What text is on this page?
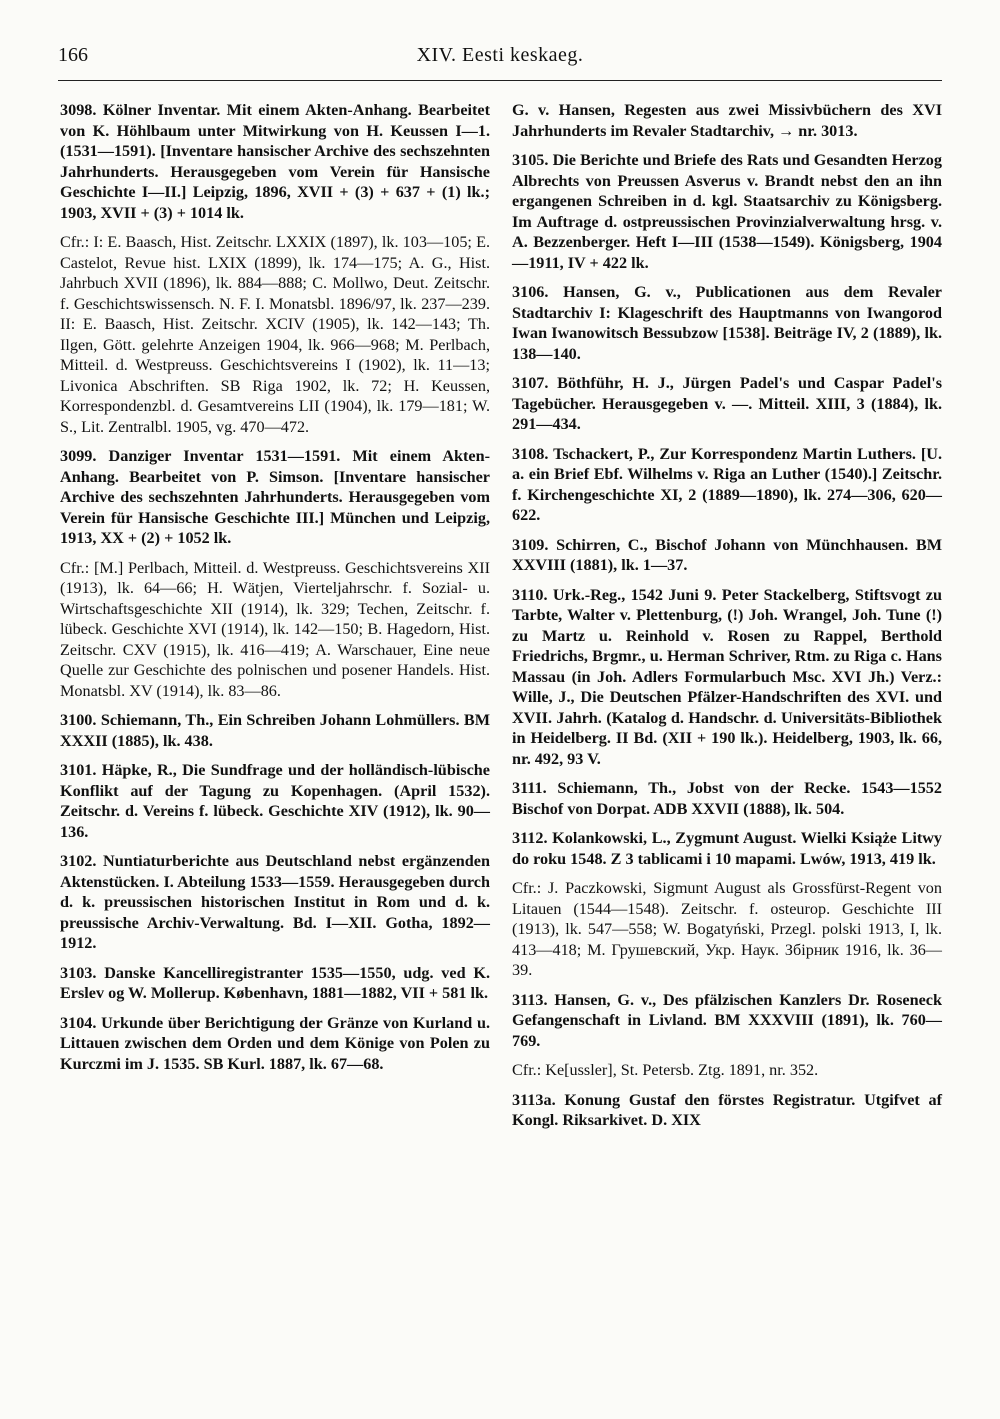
166	XIV. Eesti keskaeg.
3098. Kölner Inventar. Mit einem Akten-Anhang. Bearbeitet von K. Höhlbaum unter Mitwirkung von H. Keussen I—1. (1531—1591). [Inventare hansischer Archive des sechszehnten Jahrhunderts. Herausgegeben vom Verein für Hansische Geschichte I—II.] Leipzig, 1896, XVII + (3) + 637 + (1) lk.; 1903, XVII + (3) + 1014 lk.
Cfr.: I: E. Baasch, Hist. Zeitschr. LXXIX (1897), lk. 103—105; E. Castelot, Revue hist. LXIX (1899), lk. 174—175; A. G., Hist. Jahrbuch XVII (1896), lk. 884—888; C. Mollwo, Deut. Zeitschr. f. Geschichtswissensch. N. F. I. Monatsbl. 1896/97, lk. 237—239. II: E. Baasch, Hist. Zeitschr. XCIV (1905), lk. 142—143; Th. Ilgen, Gött. gelehrte Anzeigen 1904, lk. 966—968; M. Perlbach, Mitteil. d. Westpreuss. Geschichtsvereins I (1902), lk. 11—13; Livonica Abschriften. SB Riga 1902, lk. 72; H. Keussen, Korrespondenzbl. d. Gesamtvereins LII (1904), lk. 179—181; W. S., Lit. Zentralbl. 1905, vg. 470—472.
3099. Danziger Inventar 1531—1591. Mit einem Akten-Anhang. Bearbeitet von P. Simson. [Inventare hansischer Archive des sechszehnten Jahrhunderts. Herausgegeben vom Verein für Hansische Geschichte III.] München und Leipzig, 1913, XX + (2) + 1052 lk.
Cfr.: [M.] Perlbach, Mitteil. d. Westpreuss. Geschichtsvereins XII (1913), lk. 64—66; H. Wätjen, Vierteljahrschr. f. Sozial- u. Wirtschaftsgeschichte XII (1914), lk. 329; Techen, Zeitschr. f. lübeck. Geschichte XVI (1914), lk. 142—150; B. Hagedorn, Hist. Zeitschr. CXV (1915), lk. 416—419; A. Warschauer, Eine neue Quelle zur Geschichte des polnischen und posener Handels. Hist. Monatsbl. XV (1914), lk. 83—86.
3100. Schiemann, Th., Ein Schreiben Johann Lohmüllers. BM XXXII (1885), lk. 438.
3101. Häpke, R., Die Sundfrage und der holländisch-lübische Konflikt auf der Tagung zu Kopenhagen. (April 1532). Zeitschr. d. Vereins f. lübeck. Geschichte XIV (1912), lk. 90—136.
3102. Nuntiaturberichte aus Deutschland nebst ergänzenden Aktenstücken. I. Abteilung 1533—1559. Herausgegeben durch d. k. preussischen historischen Institut in Rom und d. k. preussische Archiv-Verwaltung. Bd. I—XII. Gotha, 1892—1912.
3103. Danske Kancelliregistranter 1535—1550, udg. ved K. Erslev og W. Mollerup. København, 1881—1882, VII + 581 lk.
3104. Urkunde über Berichtigung der Gränze von Kurland u. Littauen zwischen dem Orden und dem Könige von Polen zu Kurczmi im J. 1535. SB Kurl. 1887, lk. 67—68.
G. v. Hansen, Regesten aus zwei Missivbüchern des XVI Jahrhunderts im Revaler Stadtarchiv, → nr. 3013.
3105. Die Berichte und Briefe des Rats und Gesandten Herzog Albrechts von Preussen Asverus v. Brandt nebst den an ihn ergangenen Schreiben in d. kgl. Staatsarchiv zu Königsberg. Im Auftrage d. ostpreussischen Provinzialverwaltung hrsg. v. A. Bezzenberger. Heft I—III (1538—1549). Königsberg, 1904—1911, IV + 422 lk.
3106. Hansen, G. v., Publicationen aus dem Revaler Stadtarchiv I: Klageschrift des Hauptmanns von Iwangorod Iwan Iwanowitsch Bessubzow [1538]. Beiträge IV, 2 (1889), lk. 138—140.
3107. Böthführ, H. J., Jürgen Padel's und Caspar Padel's Tagebücher. Herausgegeben v. —. Mitteil. XIII, 3 (1884), lk. 291—434.
3108. Tschackert, P., Zur Korrespondenz Martin Luthers. [U. a. ein Brief Ebf. Wilhelms v. Riga an Luther (1540).] Zeitschr. f. Kirchengeschichte XI, 2 (1889—1890), lk. 274—306, 620—622.
3109. Schirren, C., Bischof Johann von Münchhausen. BM XXVIII (1881), lk. 1—37.
3110. Urk.-Reg., 1542 Juni 9. Peter Stackelberg, Stiftsvogt zu Tarbte, Walter v. Plettenburg, (!) Joh. Wrangel, Joh. Tune (!) zu Martz u. Reinhold v. Rosen zu Rappel, Berthold Friedrichs, Brgmr., u. Herman Schriver, Rtm. zu Riga c. Hans Massau (in Joh. Adlers Formularbuch Msc. XVI Jh.) Verz.: Wille, J., Die Deutschen Pfälzer-Handschriften des XVI. und XVII. Jahrh. (Katalog d. Handschr. d. Universitäts-Bibliothek in Heidelberg. II Bd. (XII + 190 lk.). Heidelberg, 1903, lk. 66, nr. 492, 93 V.
3111. Schiemann, Th., Jobst von der Recke. 1543—1552 Bischof von Dorpat. ADB XXVII (1888), lk. 504.
3112. Kolankowski, L., Zygmunt August. Wielki Książe Litwy do roku 1548. Z 3 tablicami i 10 mapami. Lwów, 1913, 419 lk.
Cfr.: J. Paczkowski, Sigmunt August als Grossfürst-Regent von Litauen (1544—1548). Zeitschr. f. osteurop. Geschichte III (1913), lk. 547—558; W. Bogatyński, Przegl. polski 1913, I, lk. 413—418; M. Грушевский, Укр. Наук. Збірник 1916, lk. 36—39.
3113. Hansen, G. v., Des pfälzischen Kanzlers Dr. Roseneck Gefangenschaft in Livland. BM XXXVIII (1891), lk. 760—769.
Cfr.: Ke[ussler], St. Petersb. Ztg. 1891, nr. 352.
3113a. Konung Gustaf den förstes Registratur. Utgifvet af Kongl. Riksarkivet. D. XIX
